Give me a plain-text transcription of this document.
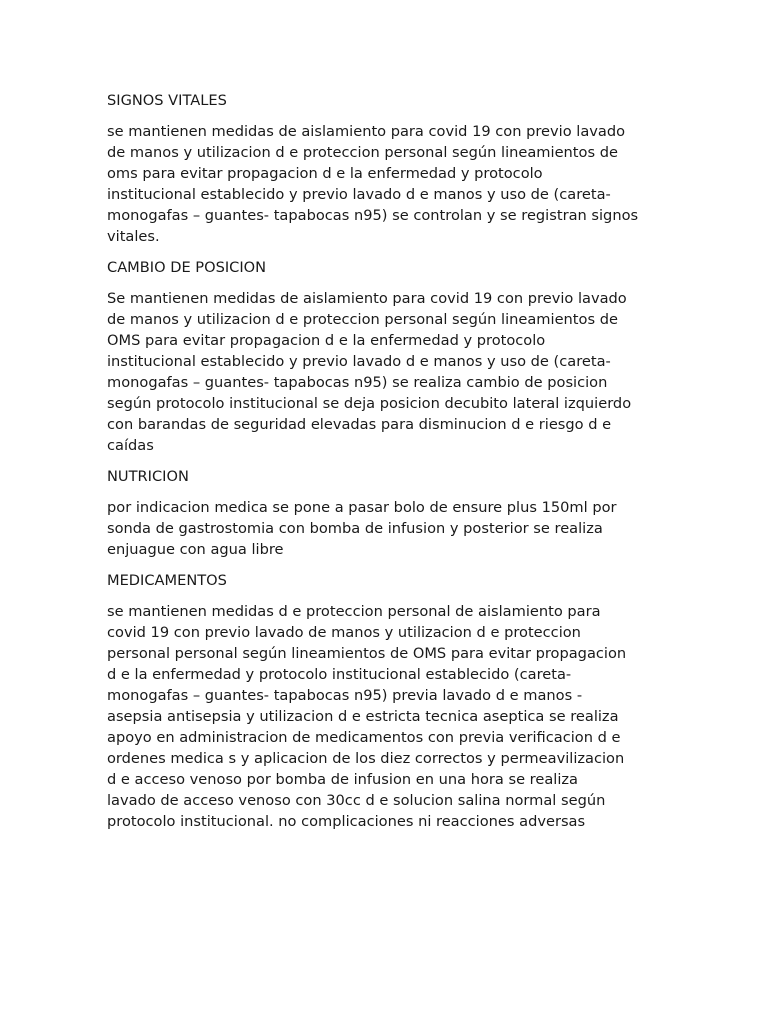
SIGNOS VITALES

se mantienen medidas de aislamiento para covid 19 con previo lavado
de manos y utilizacion d e proteccion personal según lineamientos de
oms para evitar propagacion d e la enfermedad y protocolo
institucional establecido y previo lavado d e manos y uso de (careta-
monogafas – guantes- tapabocas n95) se controlan y se registran signos
vitales.

CAMBIO DE POSICION

Se mantienen medidas de aislamiento para covid 19 con previo lavado
de manos y utilizacion d e proteccion personal según lineamientos de
OMS para evitar propagacion d e la enfermedad y protocolo
institucional establecido y previo lavado d e manos y uso de (careta-
monogafas – guantes- tapabocas n95) se realiza cambio de posicion
según protocolo institucional se deja posicion decubito lateral izquierdo
con barandas de seguridad elevadas para disminucion d e riesgo d e
caídas

NUTRICION

por indicacion medica se pone a pasar bolo de ensure plus 150ml por
sonda de gastrostomia con bomba de infusion y posterior se realiza
enjuague con agua libre

MEDICAMENTOS

se mantienen medidas d e proteccion personal de aislamiento para
covid 19 con previo lavado de manos y utilizacion d e proteccion
personal personal según lineamientos de OMS para evitar propagacion
d e la enfermedad y protocolo institucional establecido (careta-
monogafas – guantes- tapabocas n95) previa lavado d e manos -
asepsia antisepsia y utilizacion d e estricta tecnica aseptica se realiza
apoyo en administracion de medicamentos con previa verificacion d e
ordenes medica s y aplicacion de los diez correctos y permeavilizacion
d e acceso venoso por bomba de infusion en una hora se realiza
lavado de acceso venoso con 30cc d e solucion salina normal según
protocolo institucional. no complicaciones ni reacciones adversas
